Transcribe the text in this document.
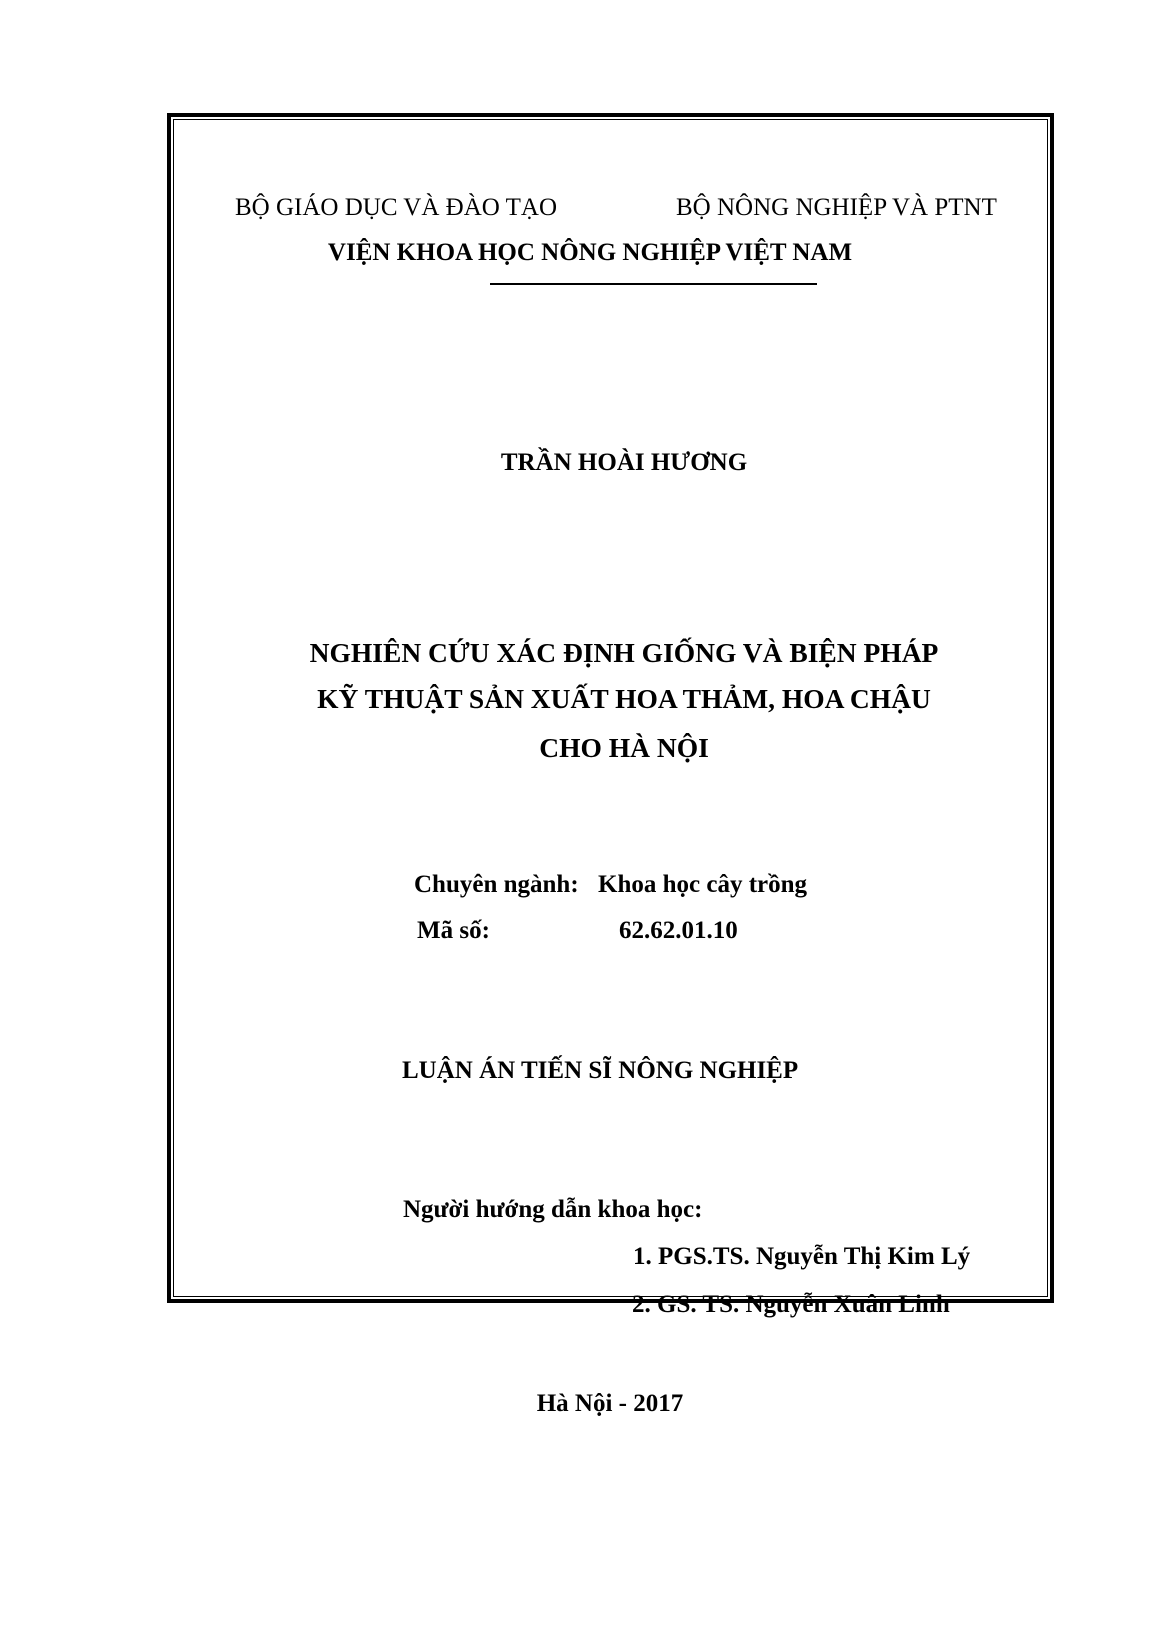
BỘ GIÁO DỤC VÀ ĐÀO TẠO	BỘ NÔNG NGHIỆP VÀ PTNT
VIỆN KHOA HỌC NÔNG NGHIỆP VIỆT NAM
TRẦN HOÀI HƯƠNG
NGHIÊN CỨU XÁC ĐỊNH GIỐNG VÀ BIỆN PHÁP
KỸ THUẬT SẢN XUẤT HOA THẢM, HOA CHẬU
CHO HÀ NỘI
Chuyên ngành: Khoa học cây trồng
Mã số:	62.62.01.10
LUẬN ÁN TIẾN SĨ NÔNG NGHIỆP
Người hướng dẫn khoa học:
1. PGS.TS. Nguyễn Thị Kim Lý
2. GS. TS. Nguyễn Xuân Linh
Hà Nội - 2017
